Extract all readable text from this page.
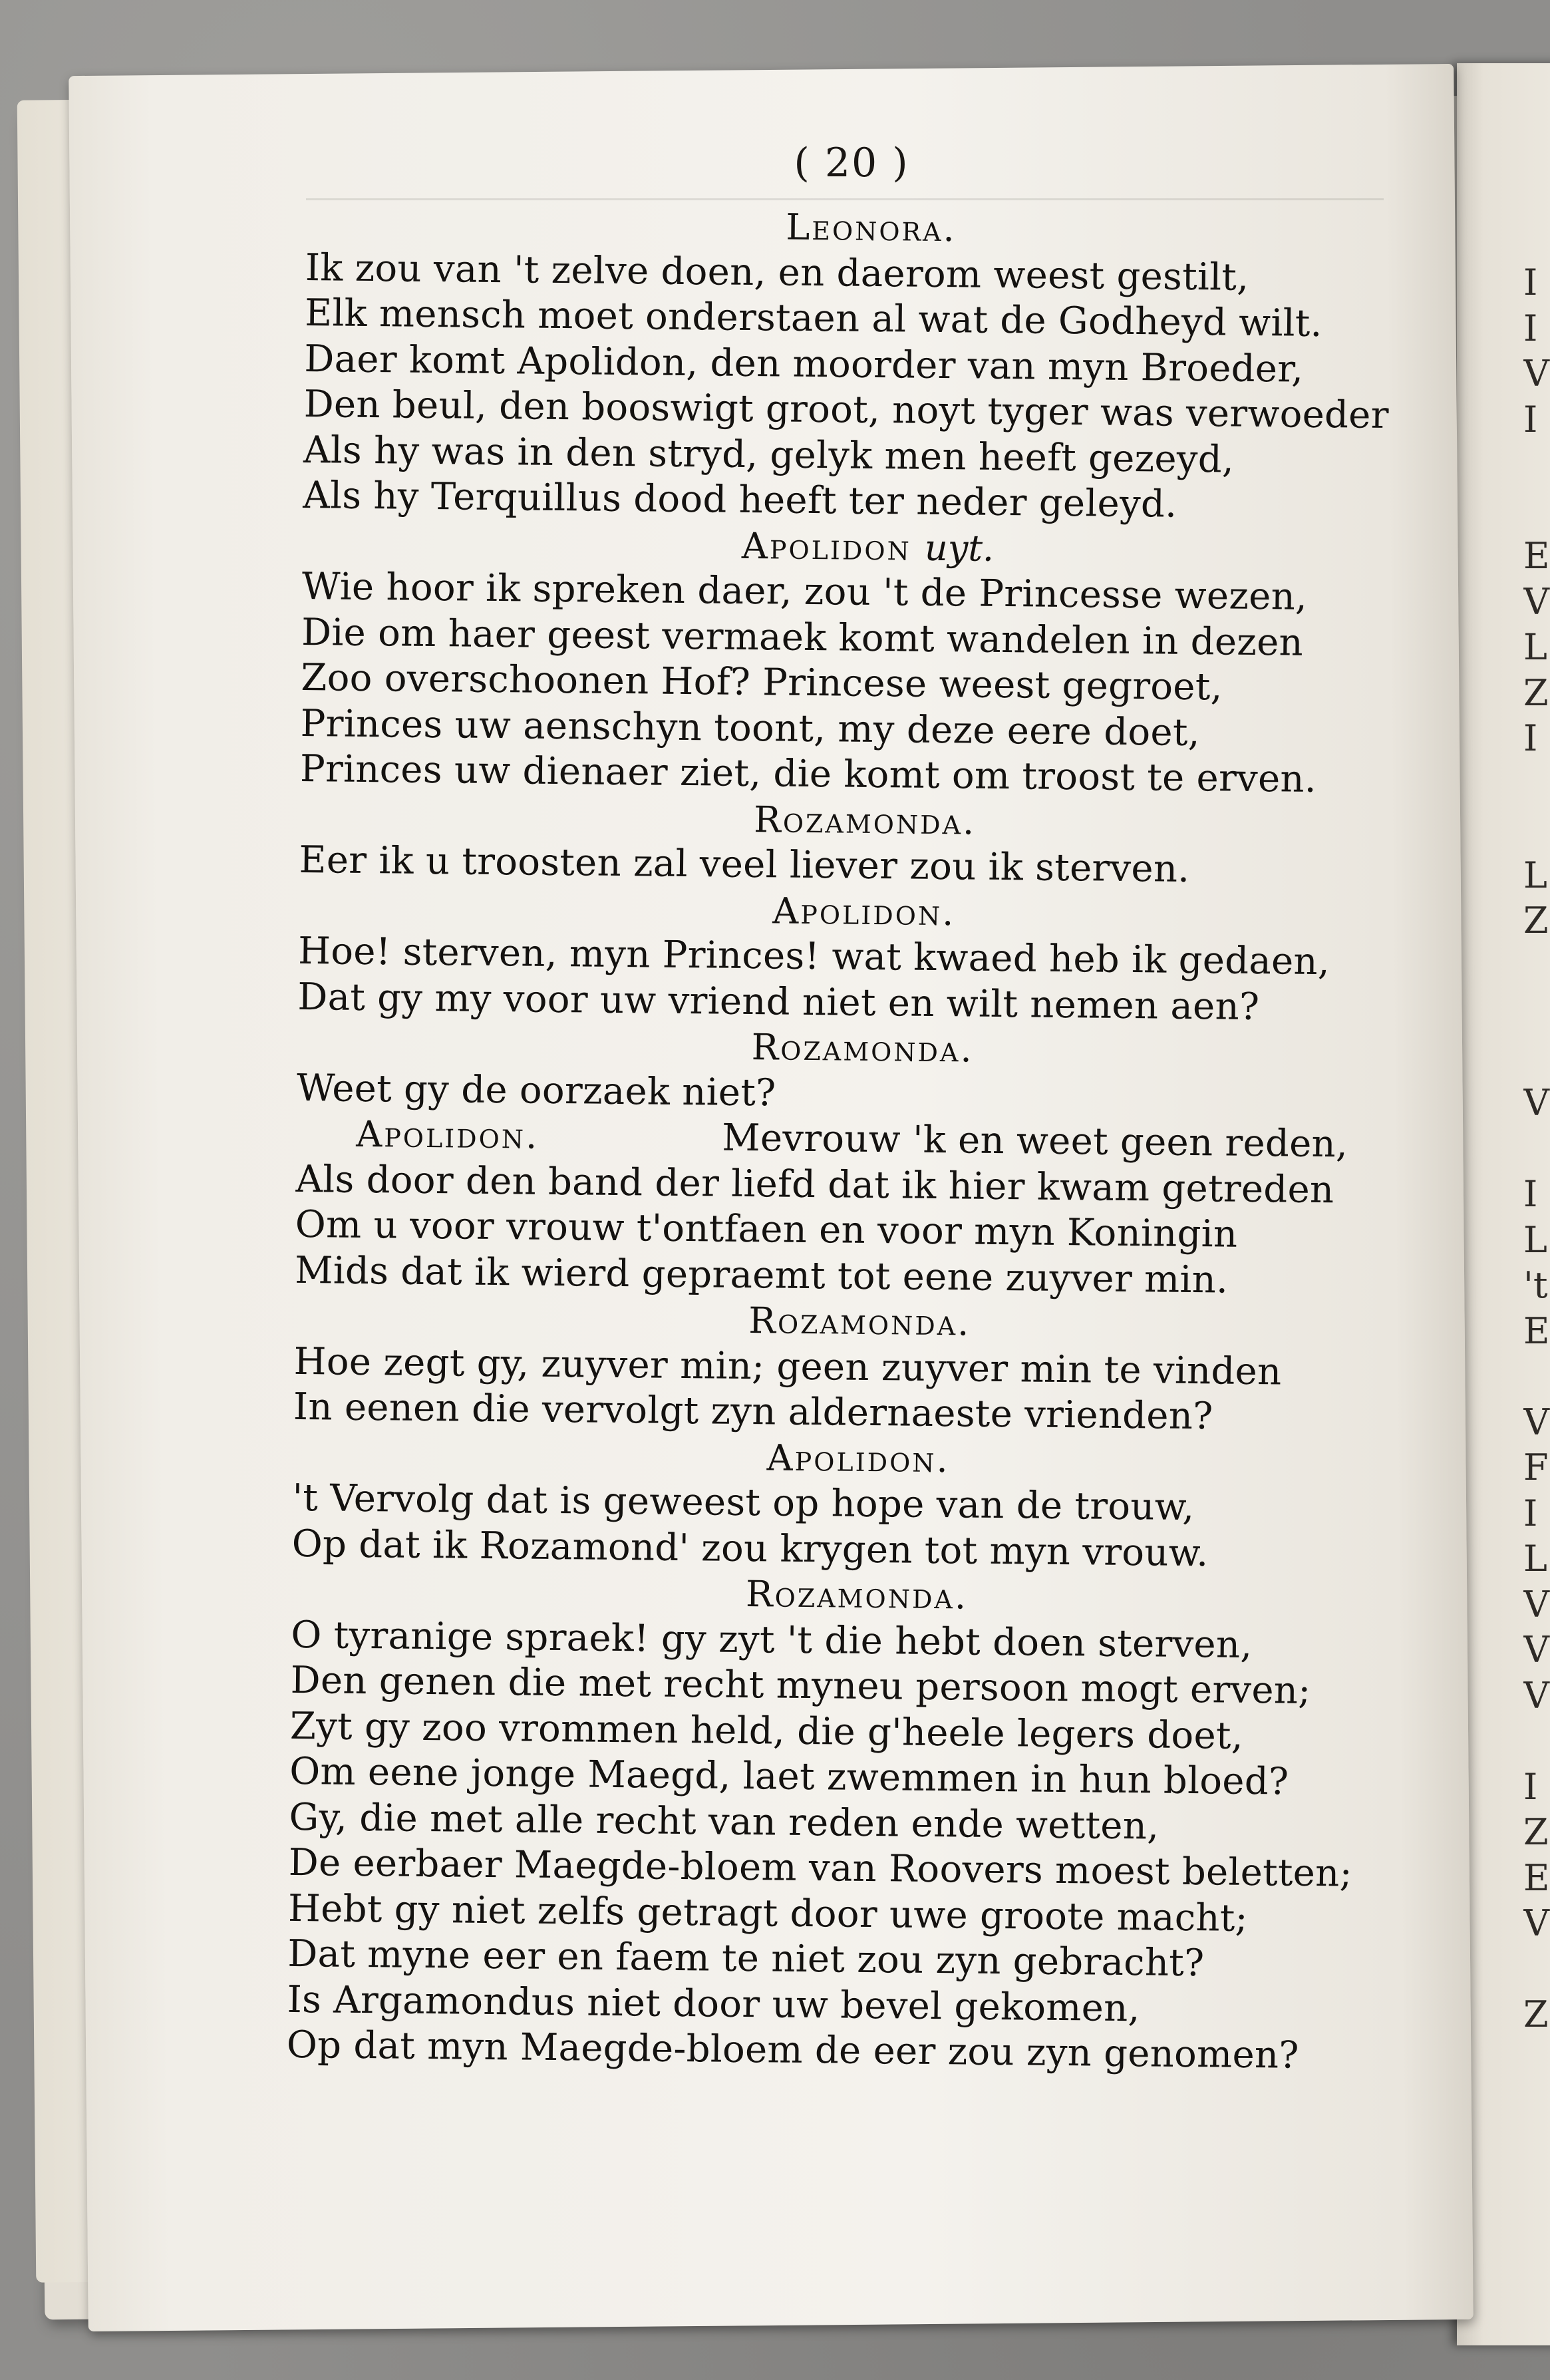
I
I
V
I
E
V
L
Z
I
L
Z
V
I
L
't
E
V
F
I
L
V
V
V
I
Z
E
V
Z
( 20 )
Leonora.
Ik zou van 't zelve doen, en daerom weest gestilt,
Elk mensch moet onderstaen al wat de Godheyd wilt.
Daer komt Apolidon, den moorder van myn Broeder,
Den beul, den booswigt groot, noyt tyger was verwoeder
Als hy was in den stryd, gelyk men heeft gezeyd,
Als hy Terquillus dood heeft ter neder geleyd.
Apolidon uyt.
Wie hoor ik spreken daer, zou 't de Princesse wezen,
Die om haer geest vermaek komt wandelen in dezen
Zoo overschoonen Hof? Princese weest gegroet,
Princes uw aenschyn toont, my deze eere doet,
Princes uw dienaer ziet, die komt om troost te erven.
Rozamonda.
Eer ik u troosten zal veel liever zou ik sterven.
Apolidon.
Hoe! sterven, myn Princes! wat kwaed heb ik gedaen,
Dat gy my voor uw vriend niet en wilt nemen aen?
Rozamonda.
Weet gy de oorzaek niet?
Apolidon.	Mevrouw 'k en weet geen reden,
Als door den band der liefd dat ik hier kwam getreden
Om u voor vrouw t'ontfaen en voor myn Koningin
Mids dat ik wierd gepraemt tot eene zuyver min.
Rozamonda.
Hoe zegt gy, zuyver min; geen zuyver min te vinden
In eenen die vervolgt zyn aldernaeste vrienden?
Apolidon.
't Vervolg dat is geweest op hope van de trouw,
Op dat ik Rozamond' zou krygen tot myn vrouw.
Rozamonda.
O tyranige spraek! gy zyt 't die hebt doen sterven,
Den genen die met recht myneu persoon mogt erven;
Zyt gy zoo vrommen held, die g'heele legers doet,
Om eene jonge Maegd, laet zwemmen in hun bloed?
Gy, die met alle recht van reden ende wetten,
De eerbaer Maegde-bloem van Roovers moest beletten;
Hebt gy niet zelfs getragt door uwe groote macht;
Dat myne eer en faem te niet zou zyn gebracht?
Is Argamondus niet door uw bevel gekomen,
Op dat myn Maegde-bloem de eer zou zyn genomen?
